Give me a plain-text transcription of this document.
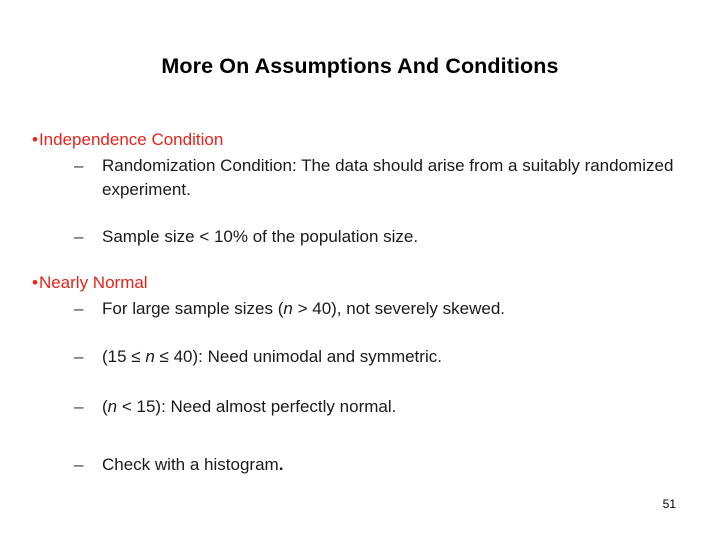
More On Assumptions And Conditions
•Independence Condition
–	Randomization Condition: The data should arise from a suitably randomized experiment.
–	Sample size < 10% of the population size.
•Nearly Normal
–	For large sample sizes (n > 40), not severely skewed.
–	(15 ≤ n ≤ 40): Need unimodal and symmetric.
–	(n < 15): Need almost perfectly normal.
–	Check with a histogram.
51
